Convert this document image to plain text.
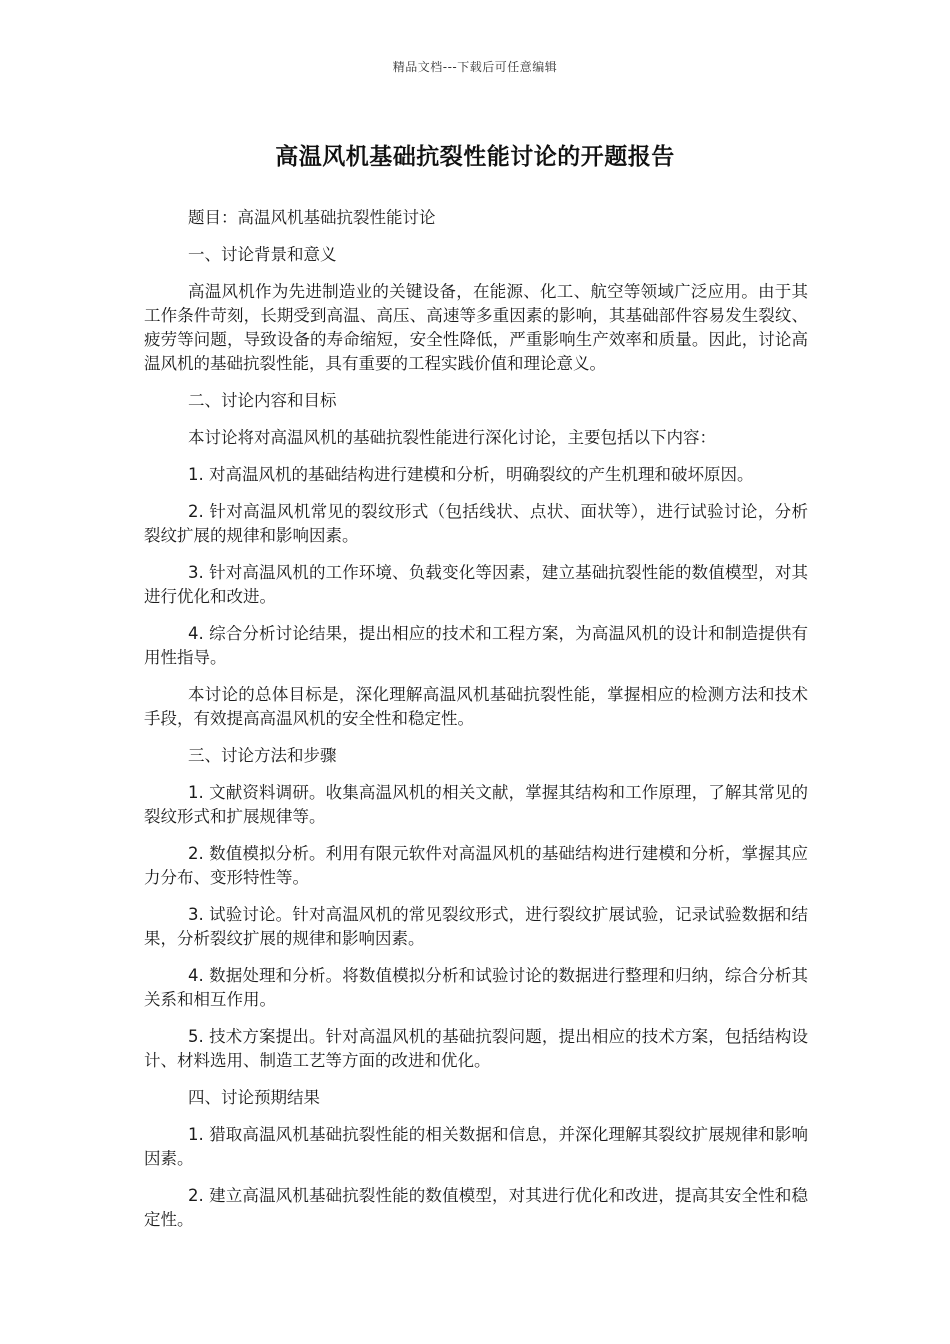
精品文档---下载后可任意编辑
高温风机基础抗裂性能讨论的开题报告

题目：高温风机基础抗裂性能讨论

一、讨论背景和意义

高温风机作为先进制造业的关键设备，在能源、化工、航空等领域广泛应用。由于其工作条件苛刻，长期受到高温、高压、高速等多重因素的影响，其基础部件容易发生裂纹、疲劳等问题，导致设备的寿命缩短，安全性降低，严重影响生产效率和质量。因此，讨论高温风机的基础抗裂性能，具有重要的工程实践价值和理论意义。

二、讨论内容和目标

本讨论将对高温风机的基础抗裂性能进行深化讨论，主要包括以下内容：

1. 对高温风机的基础结构进行建模和分析，明确裂纹的产生机理和破坏原因。

2. 针对高温风机常见的裂纹形式（包括线状、点状、面状等），进行试验讨论，分析裂纹扩展的规律和影响因素。

3. 针对高温风机的工作环境、负载变化等因素，建立基础抗裂性能的数值模型，对其进行优化和改进。

4. 综合分析讨论结果，提出相应的技术和工程方案，为高温风机的设计和制造提供有用性指导。

本讨论的总体目标是，深化理解高温风机基础抗裂性能，掌握相应的检测方法和技术手段，有效提高高温风机的安全性和稳定性。

三、讨论方法和步骤

1. 文献资料调研。收集高温风机的相关文献，掌握其结构和工作原理，了解其常见的裂纹形式和扩展规律等。

2. 数值模拟分析。利用有限元软件对高温风机的基础结构进行建模和分析，掌握其应力分布、变形特性等。

3. 试验讨论。针对高温风机的常见裂纹形式，进行裂纹扩展试验，记录试验数据和结果，分析裂纹扩展的规律和影响因素。

4. 数据处理和分析。将数值模拟分析和试验讨论的数据进行整理和归纳，综合分析其关系和相互作用。

5. 技术方案提出。针对高温风机的基础抗裂问题，提出相应的技术方案，包括结构设计、材料选用、制造工艺等方面的改进和优化。

四、讨论预期结果

1. 猎取高温风机基础抗裂性能的相关数据和信息，并深化理解其裂纹扩展规律和影响因素。

2. 建立高温风机基础抗裂性能的数值模型，对其进行优化和改进，提高其安全性和稳定性。
